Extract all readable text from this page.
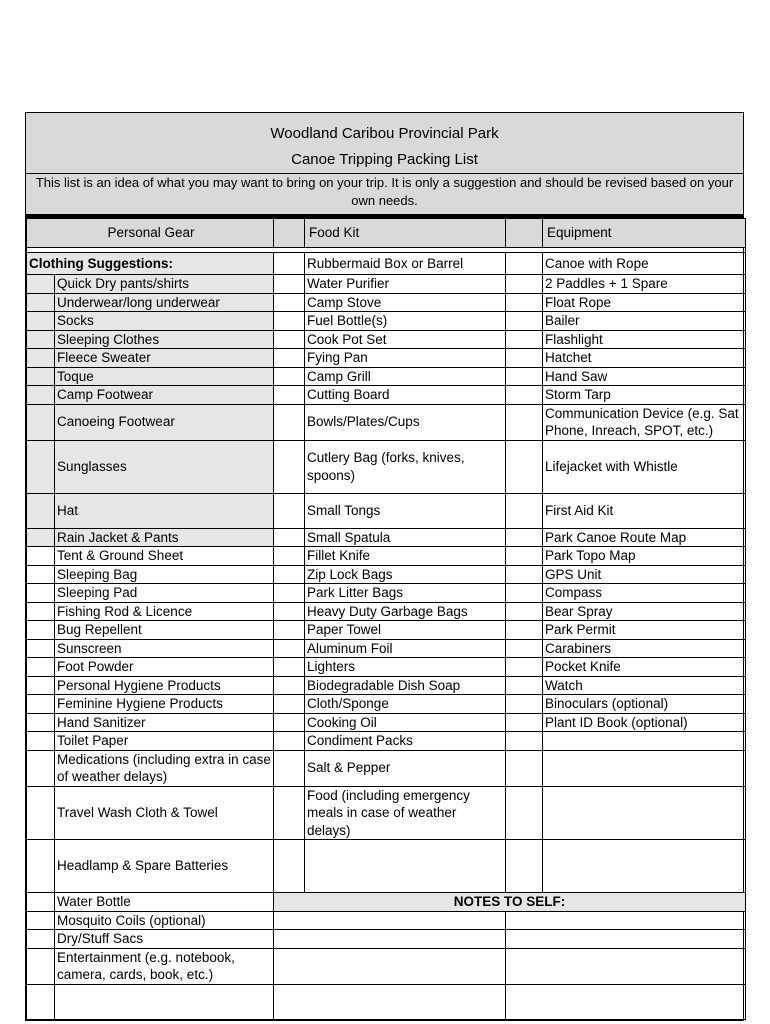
Woodland Caribou Provincial Park
Canoe Tripping Packing List
This list is an idea of what you may want to bring on your trip. It is only a suggestion and should be revised based on your own needs.
Personal Gear			Food Kit		Equipment

Clothing Suggestions:			Rubbermaid Box or Barrel		Canoe with Rope
	Quick Dry pants/shirts		Water Purifier		2 Paddles + 1 Spare
	Underwear/long underwear		Camp Stove		Float Rope
	Socks		Fuel Bottle(s)		Bailer
	Sleeping Clothes		Cook Pot Set		Flashlight
	Fleece Sweater		Fying Pan		Hatchet
	Toque		Camp Grill		Hand Saw
	Camp Footwear		Cutting Board		Storm Tarp
	Canoeing Footwear		Bowls/Plates/Cups		Communication Device (e.g. Sat Phone, Inreach, SPOT, etc.)
	Sunglasses		Cutlery Bag (forks, knives, spoons)		Lifejacket with Whistle
	Hat		Small Tongs		First Aid Kit
	Rain Jacket & Pants		Small Spatula		Park Canoe Route Map
	Tent & Ground Sheet		Fillet Knife		Park Topo Map
	Sleeping Bag		Zip Lock Bags		GPS Unit
	Sleeping Pad		Park Litter Bags		Compass
	Fishing Rod & Licence		Heavy Duty Garbage Bags		Bear Spray
	Bug Repellent		Paper Towel		Park Permit
	Sunscreen		Aluminum Foil		Carabiners
	Foot Powder		Lighters		Pocket Knife
	Personal Hygiene Products		Biodegradable Dish Soap		Watch
	Feminine Hygiene Products		Cloth/Sponge		Binoculars (optional)
	Hand Sanitizer		Cooking Oil		Plant ID Book (optional)
	Toilet Paper		Condiment Packs		
	Medications (including extra in case of weather delays)		Salt & Pepper		
	Travel Wash Cloth & Towel		Food (including emergency meals in case of weather delays)		
	Headlamp & Spare Batteries				
	Water Bottle	NOTES TO SELF:			
	Mosquito Coils (optional)				
	Dry/Stuff Sacs				
	Entertainment (e.g. notebook, camera, cards, book, etc.)				
